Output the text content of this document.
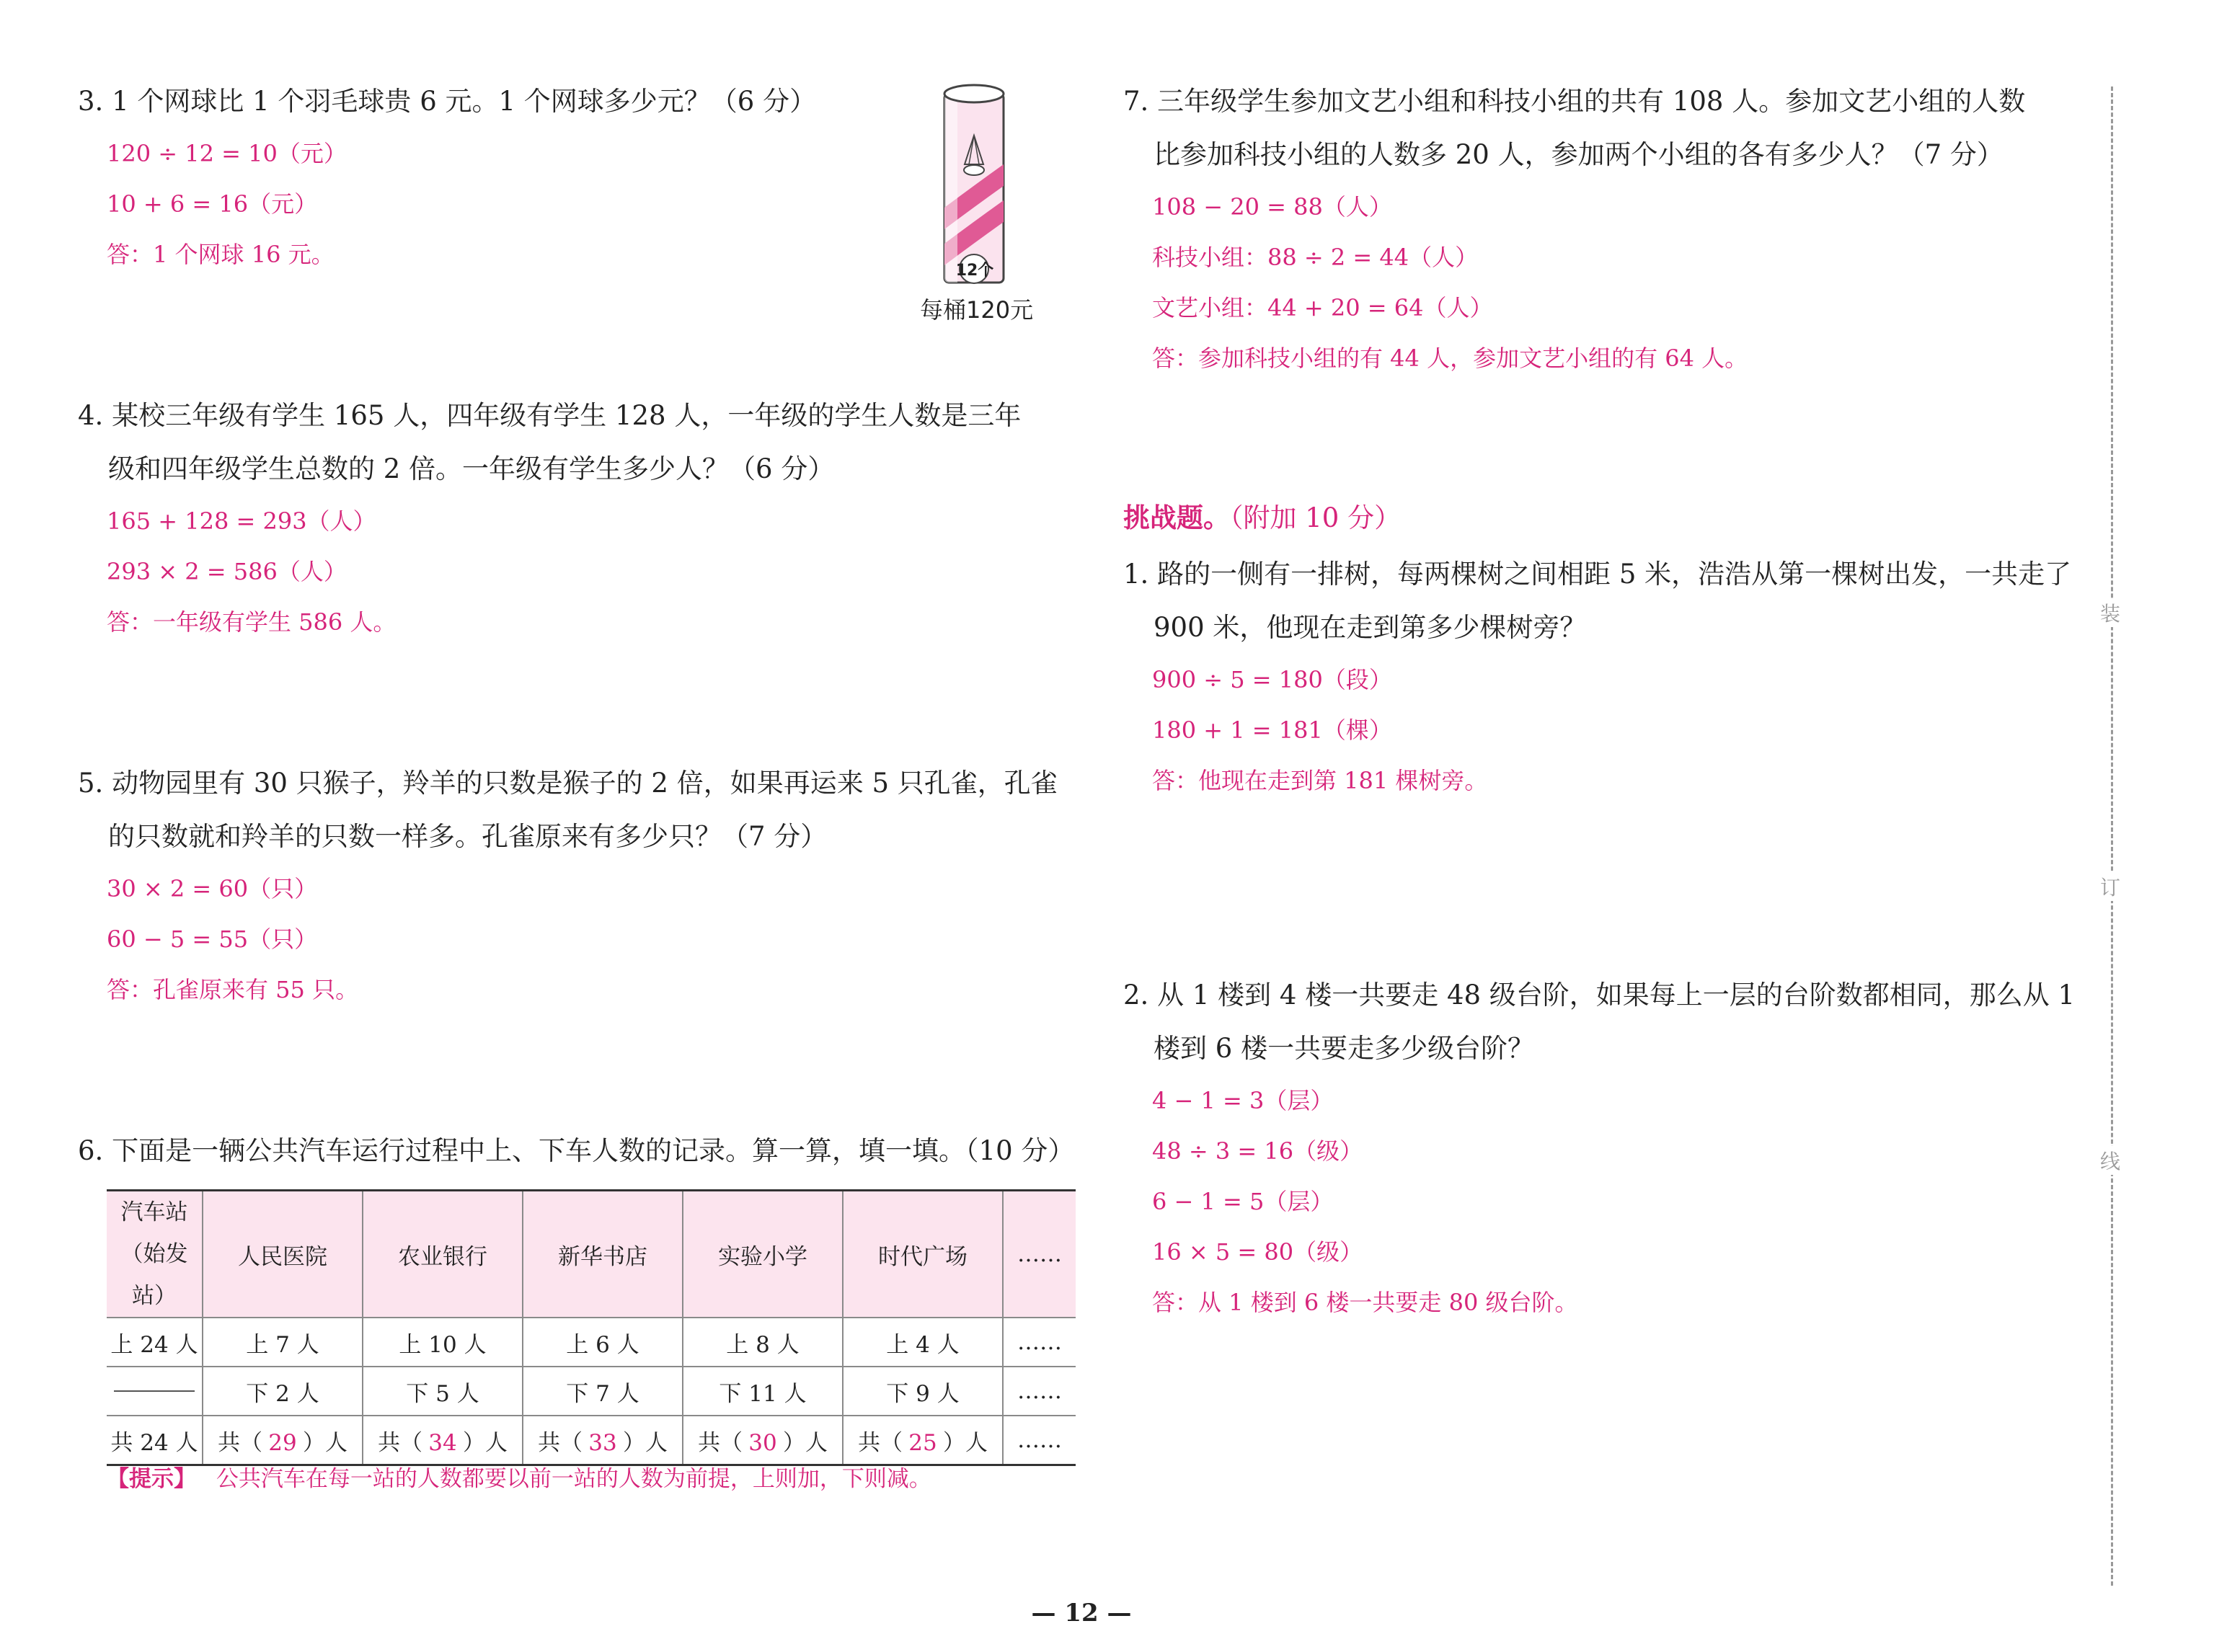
3. 1 个网球比 1 个羽毛球贵 6 元。1 个网球多少元？（6 分）
120 ÷ 12 = 10（元）
10 + 6 = 16（元）
答：1 个网球 16 元。
12个
每桶120元
4. 某校三年级有学生 165 人，四年级有学生 128 人，一年级的学生人数是三年
级和四年级学生总数的 2 倍。一年级有学生多少人？（6 分）
165 + 128 = 293（人）
293 × 2 = 586（人）
答：一年级有学生 586 人。
5. 动物园里有 30 只猴子，羚羊的只数是猴子的 2 倍，如果再运来 5 只孔雀，孔雀
的只数就和羚羊的只数一样多。孔雀原来有多少只？（7 分）
30 × 2 = 60（只）
60 − 5 = 55（只）
答：孔雀原来有 55 只。
6. 下面是一辆公共汽车运行过程中上、下车人数的记录。算一算，填一填。（10 分）
汽车站
（始发站）	人民医院	农业银行	新华书店	实验小学	时代广场	……
上 24 人	上 7 人	上 10 人	上 6 人	上 8 人	上 4 人	……

	下 2 人	下 5 人	下 7 人	下 11 人	下 9 人	……
共 24 人	共（ 29 ）人	共（ 34 ）人	共（ 33 ）人	共（ 30 ）人	共（ 25 ）人	……
【提示】 公共汽车在每一站的人数都要以前一站的人数为前提，上则加，下则减。
7. 三年级学生参加文艺小组和科技小组的共有 108 人。参加文艺小组的人数
比参加科技小组的人数多 20 人，参加两个小组的各有多少人？（7 分）
108 − 20 = 88（人）
科技小组：88 ÷ 2 = 44（人）
文艺小组：44 + 20 = 64（人）
答：参加科技小组的有 44 人，参加文艺小组的有 64 人。
挑战题。（附加 10 分）
1. 路的一侧有一排树，每两棵树之间相距 5 米，浩浩从第一棵树出发，一共走了
900 米，他现在走到第多少棵树旁？
900 ÷ 5 = 180（段）
180 + 1 = 181（棵）
答：他现在走到第 181 棵树旁。
2. 从 1 楼到 4 楼一共要走 48 级台阶，如果每上一层的台阶数都相同，那么从 1
楼到 6 楼一共要走多少级台阶？
4 − 1 = 3（层）
48 ÷ 3 = 16（级）
6 − 1 = 5（层）
16 × 5 = 80（级）
答：从 1 楼到 6 楼一共要走 80 级台阶。
装
订
线
— 12 —
